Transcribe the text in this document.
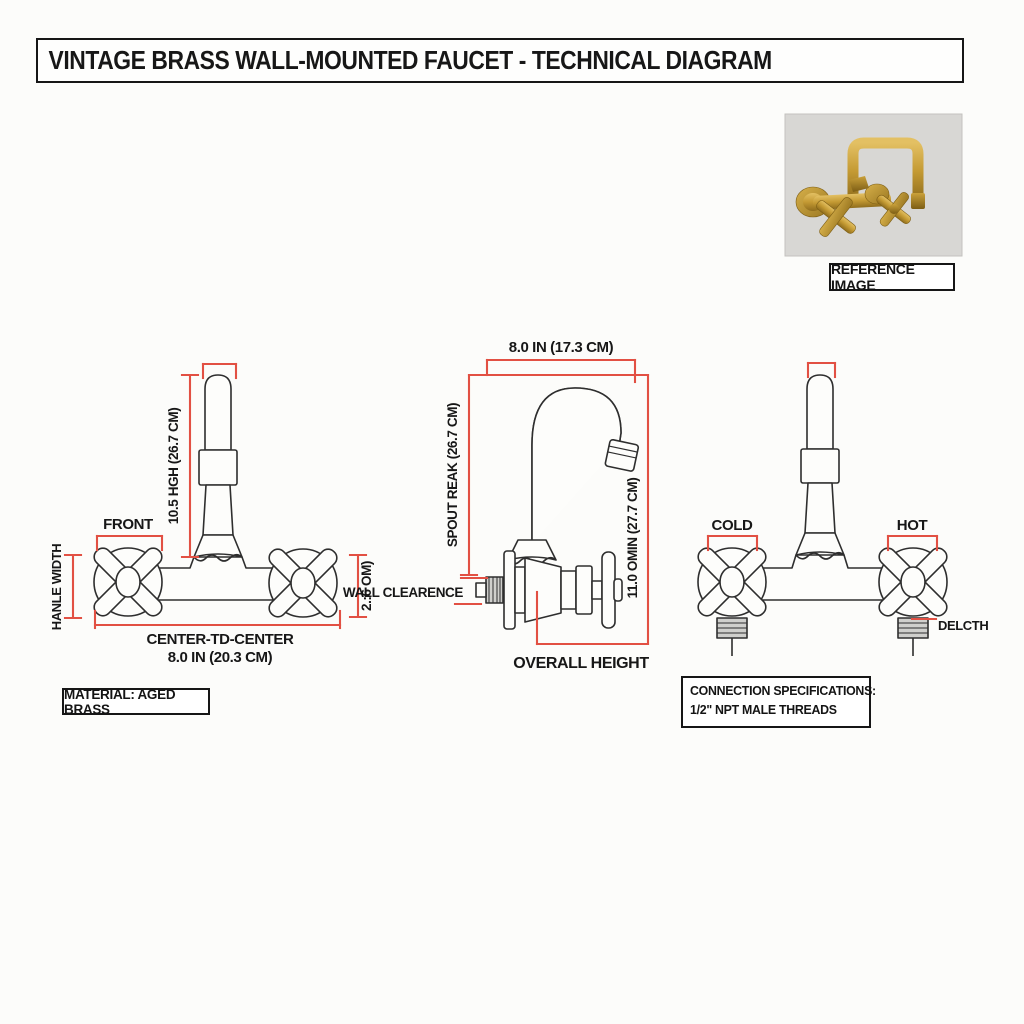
VINTAGE BRASS WALL-MOUNTED FAUCET - TECHNICAL DIAGRAM
REFERENCE IMAGE
10.5 HGH (26.7 CM)
FRONT
HANLE WIDTH	2.:6 OM)
CENTER-TD-CENTER
8.0 IN (20.3 CM)
8.0 IN (17.3 CM)
SPOUT REAK (26.7 CM)	11.0 OMIN (27.7 CM)
WALL CLEARENCE
OVERALL HEIGHT
COLD	HOT
DELCTH
MATERIAL: AGED BRASS
CONNECTION SPECIFICATIONS:
1/2" NPT MALE THREADS
